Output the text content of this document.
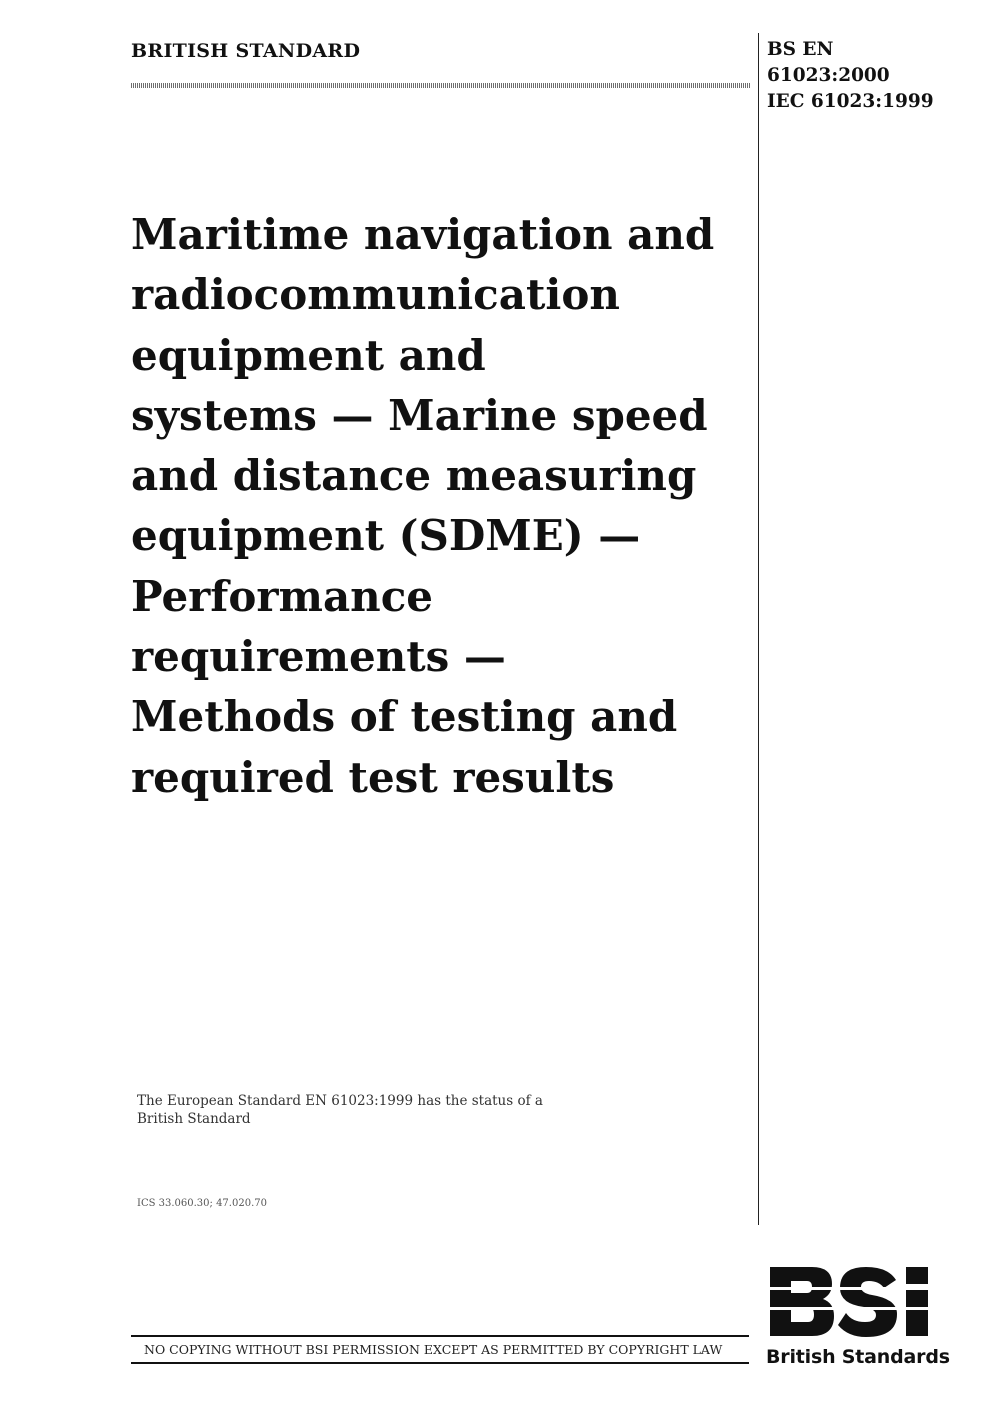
BRITISH STANDARD	BS EN
61023:2000
IEC 61023:1999
Maritime navigation and
radiocommunication
equipment and
systems — Marine speed
and distance measuring
equipment (SDME) —
Performance
requirements —
Methods of testing and
required test results
The European Standard EN 61023:1999 has the status of a
British Standard
ICS 33.060.30; 47.020.70
NO COPYING WITHOUT BSI PERMISSION EXCEPT AS PERMITTED BY COPYRIGHT LAW British Standards
